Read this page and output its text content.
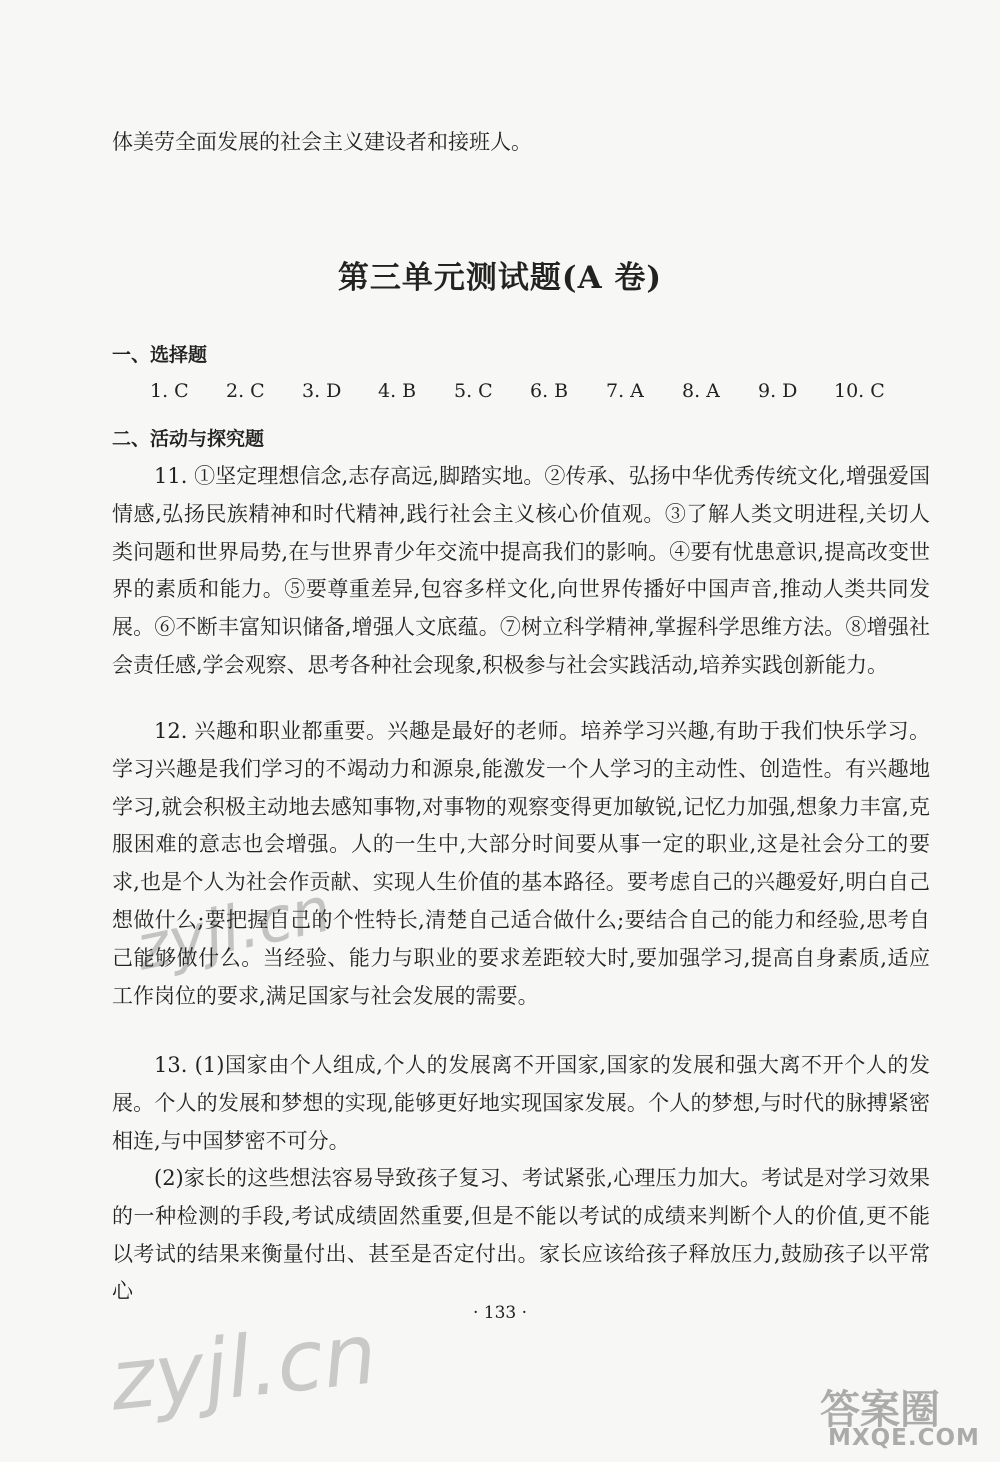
体美劳全面发展的社会主义建设者和接班人。
第三单元测试题(A 卷)
一、选择题
1. C	2. C	3. D	4. B	5. C	6. B	7. A	8. A	9. D	10. C
二、活动与探究题
11. ①坚定理想信念,志存高远,脚踏实地。②传承、弘扬中华优秀传统文化,增强爱国情感,弘扬民族精神和时代精神,践行社会主义核心价值观。③了解人类文明进程,关切人类问题和世界局势,在与世界青少年交流中提高我们的影响。④要有忧患意识,提高改变世界的素质和能力。⑤要尊重差异,包容多样文化,向世界传播好中国声音,推动人类共同发展。⑥不断丰富知识储备,增强人文底蕴。⑦树立科学精神,掌握科学思维方法。⑧增强社会责任感,学会观察、思考各种社会现象,积极参与社会实践活动,培养实践创新能力。
12. 兴趣和职业都重要。兴趣是最好的老师。培养学习兴趣,有助于我们快乐学习。学习兴趣是我们学习的不竭动力和源泉,能激发一个人学习的主动性、创造性。有兴趣地学习,就会积极主动地去感知事物,对事物的观察变得更加敏锐,记忆力加强,想象力丰富,克服困难的意志也会增强。人的一生中,大部分时间要从事一定的职业,这是社会分工的要求,也是个人为社会作贡献、实现人生价值的基本路径。要考虑自己的兴趣爱好,明白自己想做什么;要把握自己的个性特长,清楚自己适合做什么;要结合自己的能力和经验,思考自己能够做什么。当经验、能力与职业的要求差距较大时,要加强学习,提高自身素质,适应工作岗位的要求,满足国家与社会发展的需要。
13. (1)国家由个人组成,个人的发展离不开国家,国家的发展和强大离不开个人的发展。个人的发展和梦想的实现,能够更好地实现国家发展。个人的梦想,与时代的脉搏紧密相连,与中国梦密不可分。
(2)家长的这些想法容易导致孩子复习、考试紧张,心理压力加大。考试是对学习效果的一种检测的手段,考试成绩固然重要,但是不能以考试的成绩来判断个人的价值,更不能以考试的结果来衡量付出、甚至是否定付出。家长应该给孩子释放压力,鼓励孩子以平常心
· 133 ·
zyjl.cn
zyjl.cn	答案圈
MXQE.COM
